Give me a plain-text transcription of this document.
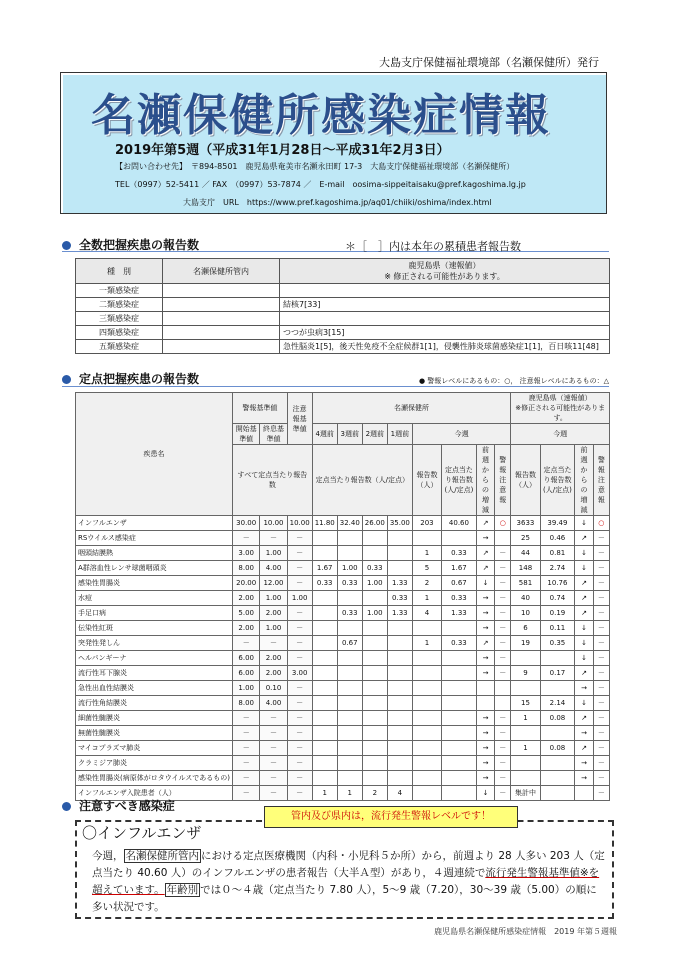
大島支庁保健福祉環境部（名瀬保健所）発行
名瀬保健所感染症情報
2019年第5週（平成31年1月28日～平成31年2月3日）
【お問い合わせ先】　〒894-8501　鹿児島県奄美市名瀬永田町 17-3　大島支庁保健福祉環境部（名瀬保健所）
TEL（0997）52-5411 ／ FAX　（0997）53-7874 ／　E-mail　oosima-sippeitaisaku@pref.kagoshima.lg.jp
大島支庁　URL　https://www.pref.kagoshima.jp/aq01/chiiki/oshima/index.html
全数把握疾患の報告数	＊［　］内は本年の累積患者報告数
種　別	名瀬保健所管内	鹿児島県（速報値）
※ 修正される可能性があります。
一類感染症		
二類感染症		結核7[33]
三類感染症		
四類感染症		つつが虫病3[15]
五類感染症		急性脳炎1[5]，後天性免疫不全症候群1[1]，侵襲性肺炎球菌感染症1[1]，百日咳11[48]
定点把握疾患の報告数	● 警報レベルにあるもの：○， 注意報レベルにあるもの：△
疾患名	警報基準値		注意報基準値	名瀬保健所								鹿児島県（速報値）
※修正される可能性があります。			
	開始基準値	終息基準値		4週前	3週前	2週前	1週前	今週				今週			
	すべて定点当たり報告数			定点当たり報告数（人/定点）				報告数（人）	定点当たり報告数(人/定点)	前週からの増減	警報注意報	報告数（人）	定点当たり報告数(人/定点)	前週からの増減	警報注意報
インフルエンザ	30.00	10.00	10.00	11.80	32.40	26.00	35.00	203	40.60	↗	○	3633	39.49	↓	○
RSウイルス感染症	－	－	－							→		25	0.46	↗	－
咽頭結膜熱	3.00	1.00	－					1	0.33	↗	－	44	0.81	↓	－
A群溶血性レンサ球菌咽頭炎	8.00	4.00	－	1.67	1.00	0.33		5	1.67	↗	－	148	2.74	↓	－
感染性胃腸炎	20.00	12.00	－	0.33	0.33	1.00	1.33	2	0.67	↓	－	581	10.76	↗	－
水痘	2.00	1.00	1.00				0.33	1	0.33	→	－	40	0.74	↗	－
手足口病	5.00	2.00	－		0.33	1.00	1.33	4	1.33	→	－	10	0.19	↗	－
伝染性紅斑	2.00	1.00	－							→	－	6	0.11	↓	－
突発性発しん	－	－	－		0.67			1	0.33	↗	－	19	0.35	↓	－
ヘルパンギーナ	6.00	2.00	－							→	－			↓	－
流行性耳下腺炎	6.00	2.00	3.00							→	－	9	0.17	↗	－
急性出血性結膜炎	1.00	0.10	－											→	－
流行性角結膜炎	8.00	4.00	－									15	2.14	↓	－
細菌性髄膜炎	－	－	－							→	－	1	0.08	↗	－
無菌性髄膜炎	－	－	－							→	－			→	－
マイコプラズマ肺炎	－	－	－							→	－	1	0.08	↗	－
クラミジア肺炎	－	－	－							→	－			→	－
感染性胃腸炎(病原体がロタウイルスであるもの)	－	－	－							→	－			→	－
インフルエンザ入院患者（人）	－	－	－	1	1	2	4			↓	－	集計中			－
注意すべき感染症
管内及び県内は，流行発生警報レベルです！
〇インフルエンザ
今週， 名瀬保健所管内 における定点医療機関（内科・小児科５か所）から，前週より 28 人多い 203 人（定点当たり 40.60 人）のインフルエンザの患者報告（大半Ａ型）があり，４週連続で流行発生警報基準値※を超えています。 年齢別 では０～４歳（定点当たり 7.80 人），5～9 歳（7.20），30～39 歳（5.00）の順に多い状況です。
鹿児島県名瀬保健所感染症情報　2019 年第５週報
